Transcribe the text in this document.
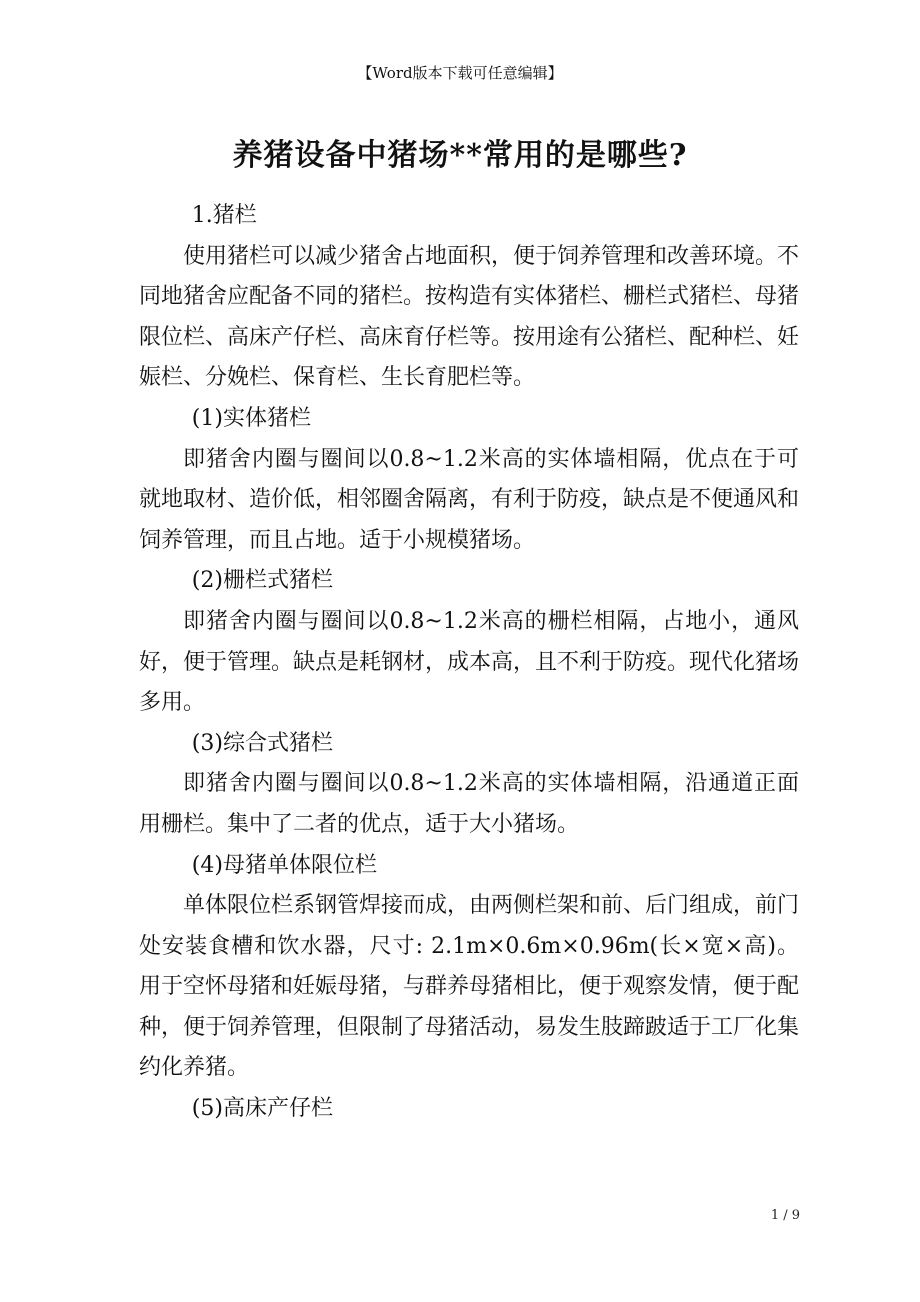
【Word版本下载可任意编辑】
养猪设备中猪场**常用的是哪些?

1.猪栏

使用猪栏可以减少猪舍占地面积，便于饲养管理和改善环境。不同地猪舍应配备不同的猪栏。按构造有实体猪栏、栅栏式猪栏、母猪限位栏、高床产仔栏、高床育仔栏等。按用途有公猪栏、配种栏、妊娠栏、分娩栏、保育栏、生长育肥栏等。

(1)实体猪栏

即猪舍内圈与圈间以0.8~1.2米高的实体墙相隔，优点在于可就地取材、造价低，相邻圈舍隔离，有利于防疫，缺点是不便通风和饲养管理，而且占地。适于小规模猪场。

(2)栅栏式猪栏

即猪舍内圈与圈间以0.8~1.2米高的栅栏相隔，占地小，通风好，便于管理。缺点是耗钢材，成本高，且不利于防疫。现代化猪场多用。

(3)综合式猪栏

即猪舍内圈与圈间以0.8~1.2米高的实体墙相隔，沿通道正面用栅栏。集中了二者的优点，适于大小猪场。

(4)母猪单体限位栏

单体限位栏系钢管焊接而成，由两侧栏架和前、后门组成，前门处安装食槽和饮水器，尺寸: 2.1m×0.6m×0.96m(长×宽×高)。用于空怀母猪和妊娠母猪，与群养母猪相比，便于观察发情，便于配种，便于饲养管理，但限制了母猪活动，易发生肢蹄跛适于工厂化集约化养猪。

(5)高床产仔栏

1 / 9
